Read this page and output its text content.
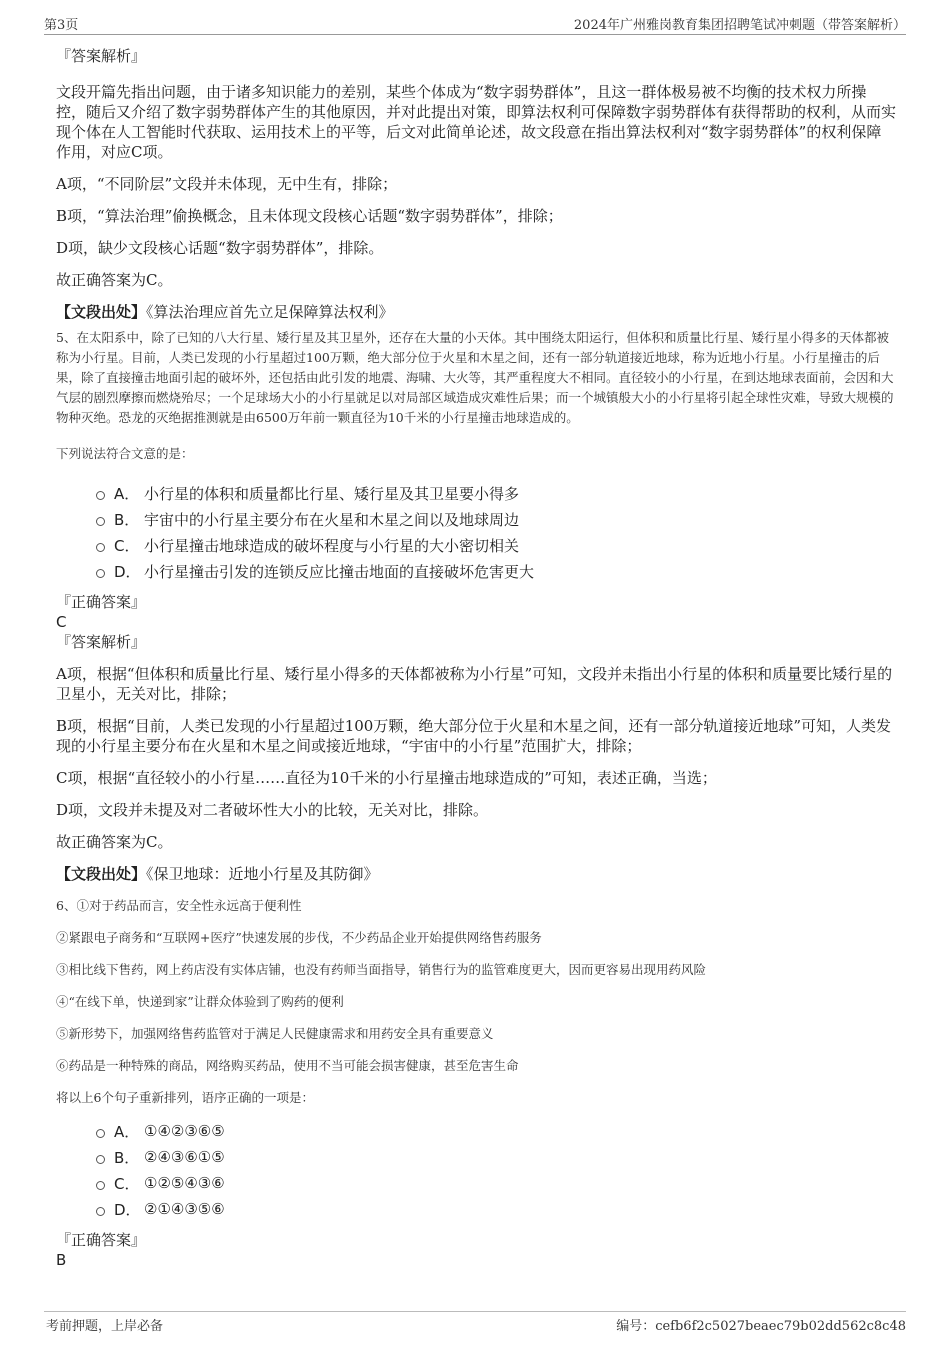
第3页	2024年广州雅岗教育集团招聘笔试冲刺题（带答案解析）

『答案解析』

文段开篇先指出问题，由于诸多知识能力的差别，某些个体成为“数字弱势群体”，且这一群体极易被不均衡的技术权力所操控，随后又介绍了数字弱势群体产生的其他原因，并对此提出对策，即算法权利可保障数字弱势群体有获得帮助的权利，从而实现个体在人工智能时代获取、运用技术上的平等，后文对此简单论述，故文段意在指出算法权利对“数字弱势群体”的权利保障作用，对应C项。

A项，“不同阶层”文段并未体现，无中生有，排除；

B项，“算法治理”偷换概念，且未体现文段核心话题“数字弱势群体”，排除；

D项，缺少文段核心话题“数字弱势群体”，排除。

故正确答案为C。

【文段出处】《算法治理应首先立足保障算法权利》

5、在太阳系中，除了已知的八大行星、矮行星及其卫星外，还存在大量的小天体。其中围绕太阳运行，但体积和质量比行星、矮行星小得多的天体都被称为小行星。目前，人类已发现的小行星超过100万颗，绝大部分位于火星和木星之间，还有一部分轨道接近地球，称为近地小行星。小行星撞击的后果，除了直接撞击地面引起的破坏外，还包括由此引发的地震、海啸、大火等，其严重程度大不相同。直径较小的小行星，在到达地球表面前，会因和大气层的剧烈摩擦而燃烧殆尽；一个足球场大小的小行星就足以对局部区域造成灾难性后果；而一个城镇般大小的小行星将引起全球性灾难，导致大规模的物种灭绝。恐龙的灭绝据推测就是由6500万年前一颗直径为10千米的小行星撞击地球造成的。

下列说法符合文意的是：

A． 小行星的体积和质量都比行星、矮行星及其卫星要小得多
B． 宇宙中的小行星主要分布在火星和木星之间以及地球周边
C． 小行星撞击地球造成的破坏程度与小行星的大小密切相关
D． 小行星撞击引发的连锁反应比撞击地面的直接破坏危害更大

『正确答案』

C

『答案解析』

A项，根据“但体积和质量比行星、矮行星小得多的天体都被称为小行星”可知，文段并未指出小行星的体积和质量要比矮行星的卫星小，无关对比，排除；

B项，根据“目前，人类已发现的小行星超过100万颗，绝大部分位于火星和木星之间，还有一部分轨道接近地球”可知，人类发现的小行星主要分布在火星和木星之间或接近地球，“宇宙中的小行星”范围扩大，排除；

C项，根据“直径较小的小行星……直径为10千米的小行星撞击地球造成的”可知，表述正确，当选；

D项，文段并未提及对二者破坏性大小的比较，无关对比，排除。

故正确答案为C。

【文段出处】《保卫地球：近地小行星及其防御》

6、①对于药品而言，安全性永远高于便利性

②紧跟电子商务和“互联网+医疗”快速发展的步伐，不少药品企业开始提供网络售药服务

③相比线下售药，网上药店没有实体店铺，也没有药师当面指导，销售行为的监管难度更大，因而更容易出现用药风险

④“在线下单，快递到家”让群众体验到了购药的便利

⑤新形势下，加强网络售药监管对于满足人民健康需求和用药安全具有重要意义

⑥药品是一种特殊的商品，网络购买药品，使用不当可能会损害健康，甚至危害生命

将以上6个句子重新排列，语序正确的一项是：

A． ①④②③⑥⑤
B． ②④③⑥①⑤
C． ①②⑤④③⑥
D． ②①④③⑤⑥

『正确答案』

B

考前押题，上岸必备	编号：cefb6f2c5027beaec79b02dd562c8c48
